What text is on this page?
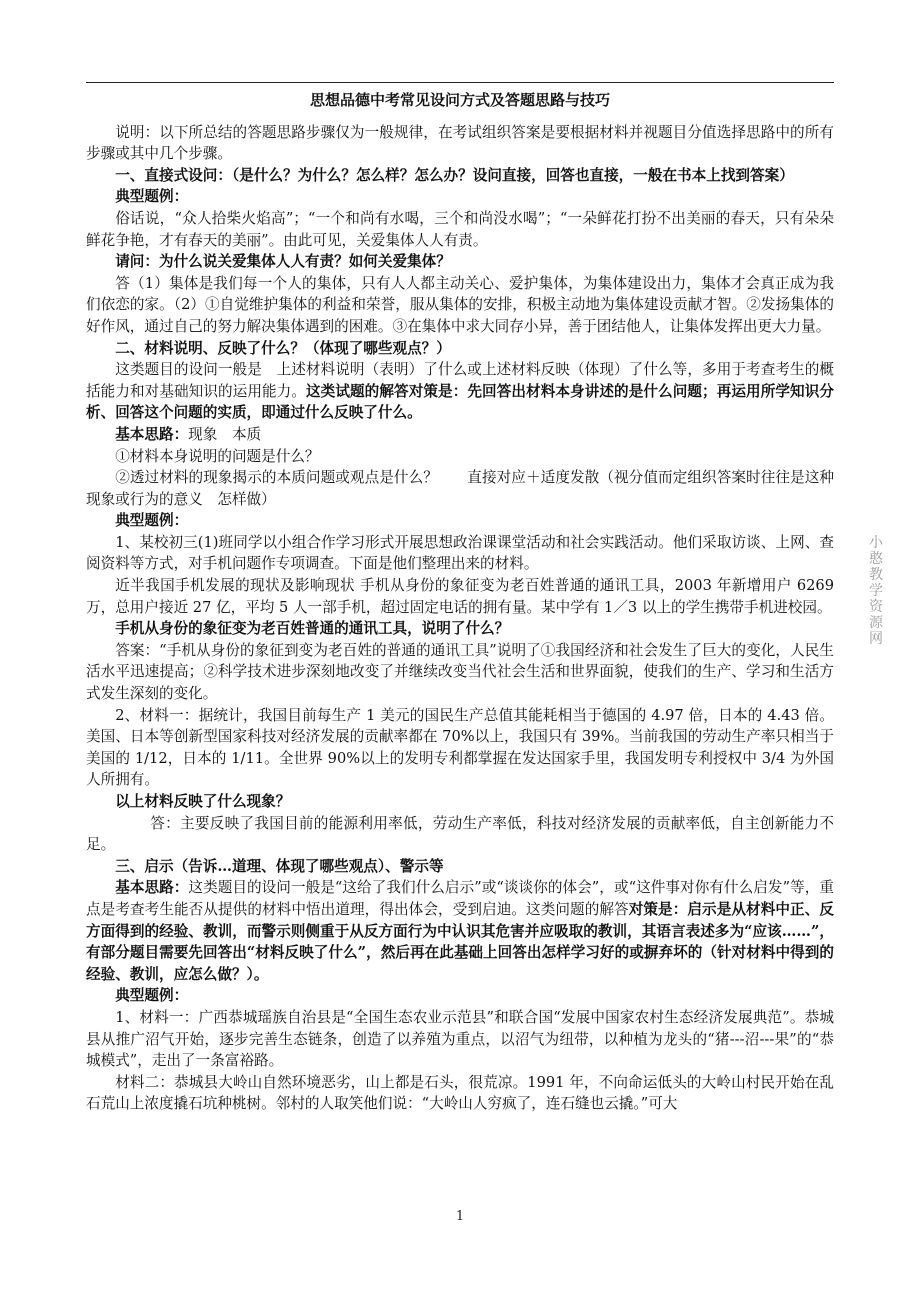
思想品德中考常见设问方式及答题思路与技巧

说明：以下所总结的答题思路步骤仅为一般规律，在考试组织答案是要根据材料并视题目分值选择思路中的所有步骤或其中几个步骤。

一、直接式设问：（是什么？为什么？怎么样？怎么办？设问直接，回答也直接，一般在书本上找到答案）

典型题例：

俗话说，“众人拾柴火焰高”；“一个和尚有水喝，三个和尚没水喝”；“一朵鲜花打扮不出美丽的春天，只有朵朵鲜花争艳，才有春天的美丽”。由此可见，关爱集体人人有责。

请问：为什么说关爱集体人人有责？如何关爱集体？

答（1）集体是我们每一个人的集体，只有人人都主动关心、爱护集体，为集体建设出力，集体才会真正成为我们依恋的家。（2）①自觉维护集体的利益和荣誉，服从集体的安排，积极主动地为集体建设贡献才智。②发扬集体的好作风，通过自己的努力解决集体遇到的困难。③在集体中求大同存小异，善于团结他人，让集体发挥出更大力量。

二、材料说明、反映了什么？（体现了哪些观点？）

这类题目的设问一般是　上述材料说明（表明）了什么或上述材料反映（体现）了什么等，多用于考查考生的概括能力和对基础知识的运用能力。这类试题的解答对策是：先回答出材料本身讲述的是什么问题；再运用所学知识分析、回答这个问题的实质，即通过什么反映了什么。

基本思路：现象　本质

①材料本身说明的问题是什么？

②透过材料的现象揭示的本质问题或观点是什么？　　直接对应＋适度发散（视分值而定组织答案时往往是这种现象或行为的意义　怎样做）

典型题例：

1、某校初三(1)班同学以小组合作学习形式开展思想政治课课堂活动和社会实践活动。他们采取访谈、上网、查阅资料等方式，对手机问题作专项调查。下面是他们整理出来的材料。

近半我国手机发展的现状及影响现状 手机从身份的象征变为老百姓普通的通讯工具，2003 年新增用户 6269 万，总用户接近 27 亿，平均 5 人一部手机，超过固定电话的拥有量。某中学有 1／3 以上的学生携带手机进校园。

手机从身份的象征变为老百姓普通的通讯工具，说明了什么？

答案：“手机从身份的象征到变为老百姓的普通的通讯工具”说明了①我国经济和社会发生了巨大的变化，人民生活水平迅速提高；②科学技术进步深刻地改变了并继续改变当代社会生活和世界面貌，使我们的生产、学习和生活方式发生深刻的变化。

2、材料一：据统计，我国目前每生产 1 美元的国民生产总值其能耗相当于德国的 4.97 倍，日本的 4.43 倍。美国、日本等创新型国家科技对经济发展的贡献率都在 70%以上，我国只有 39%。当前我国的劳动生产率只相当于美国的 1/12，日本的 1/11。全世界 90%以上的发明专利都掌握在发达国家手里，我国发明专利授权中 3/4 为外国人所拥有。

以上材料反映了什么现象？

答：主要反映了我国目前的能源利用率低，劳动生产率低，科技对经济发展的贡献率低，自主创新能力不足。

三、启示（告诉…道理、体现了哪些观点）、警示等

基本思路：这类题目的设问一般是“这给了我们什么启示”或“谈谈你的体会”，或“这件事对你有什么启发”等，重点是考查考生能否从提供的材料中悟出道理，得出体会，受到启迪。这类问题的解答对策是：启示是从材料中正、反方面得到的经验、教训，而警示则侧重于从反方面行为中认识其危害并应吸取的教训，其语言表述多为“应该……”，有部分题目需要先回答出“材料反映了什么”，然后再在此基础上回答出怎样学习好的或摒弃坏的（针对材料中得到的经验、教训，应怎么做？）。

典型题例：

1、材料一：广西恭城瑶族自治县是“全国生态农业示范县”和联合国“发展中国家农村生态经济发展典范”。恭城县从推广沼气开始，逐步完善生态链条，创造了以养殖为重点，以沼气为纽带，以种植为龙头的“猪---沼---果”的“恭城模式”，走出了一条富裕路。

材料二：恭城县大岭山自然环境恶劣，山上都是石头，很荒凉。1991 年，不向命运低头的大岭山村民开始在乱石荒山上浓度撬石坑种桃树。邻村的人取笑他们说：“大岭山人穷疯了，连石缝也云撬。”可大

小憨教学资源网
1
